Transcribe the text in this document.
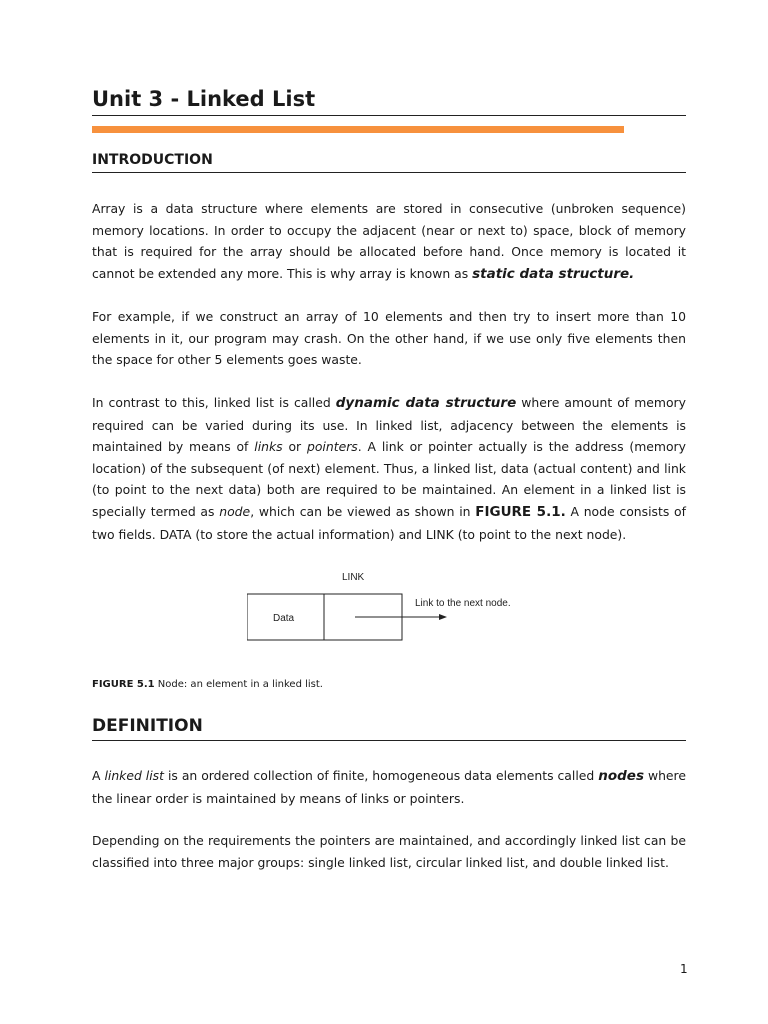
Unit 3 - Linked List
INTRODUCTION

Array is a data structure where elements are stored in consecutive (unbroken sequence) memory locations. In order to occupy the adjacent (near or next to) space, block of memory that is required for the array should be allocated before hand. Once memory is located it cannot be extended any more. This is why array is known as static data structure.

For example, if we construct an array of 10 elements and then try to insert more than 10 elements in it, our program may crash. On the other hand, if we use only five elements then the space for other 5 elements goes waste.

In contrast to this, linked list is called dynamic data structure where amount of memory required can be varied during its use. In linked list, adjacency between the elements is maintained by means of links or pointers. A link or pointer actually is the address (memory location) of the subsequent (of next) element. Thus, a linked list, data (actual content) and link (to point to the next data) both are required to be maintained. An element in a linked list is specially termed as node, which can be viewed as shown in FIGURE 5.1. A node consists of two fields. DATA (to store the actual information) and LINK (to point to the next node).

LINK
Data
Link to the next node.
FIGURE 5.1 Node: an element in a linked list.
DEFINITION

A linked list is an ordered collection of finite, homogeneous data elements called nodes where the linear order is maintained by means of links or pointers.

Depending on the requirements the pointers are maintained, and accordingly linked list can be classified into three major groups: single linked list, circular linked list, and double linked list.

1
